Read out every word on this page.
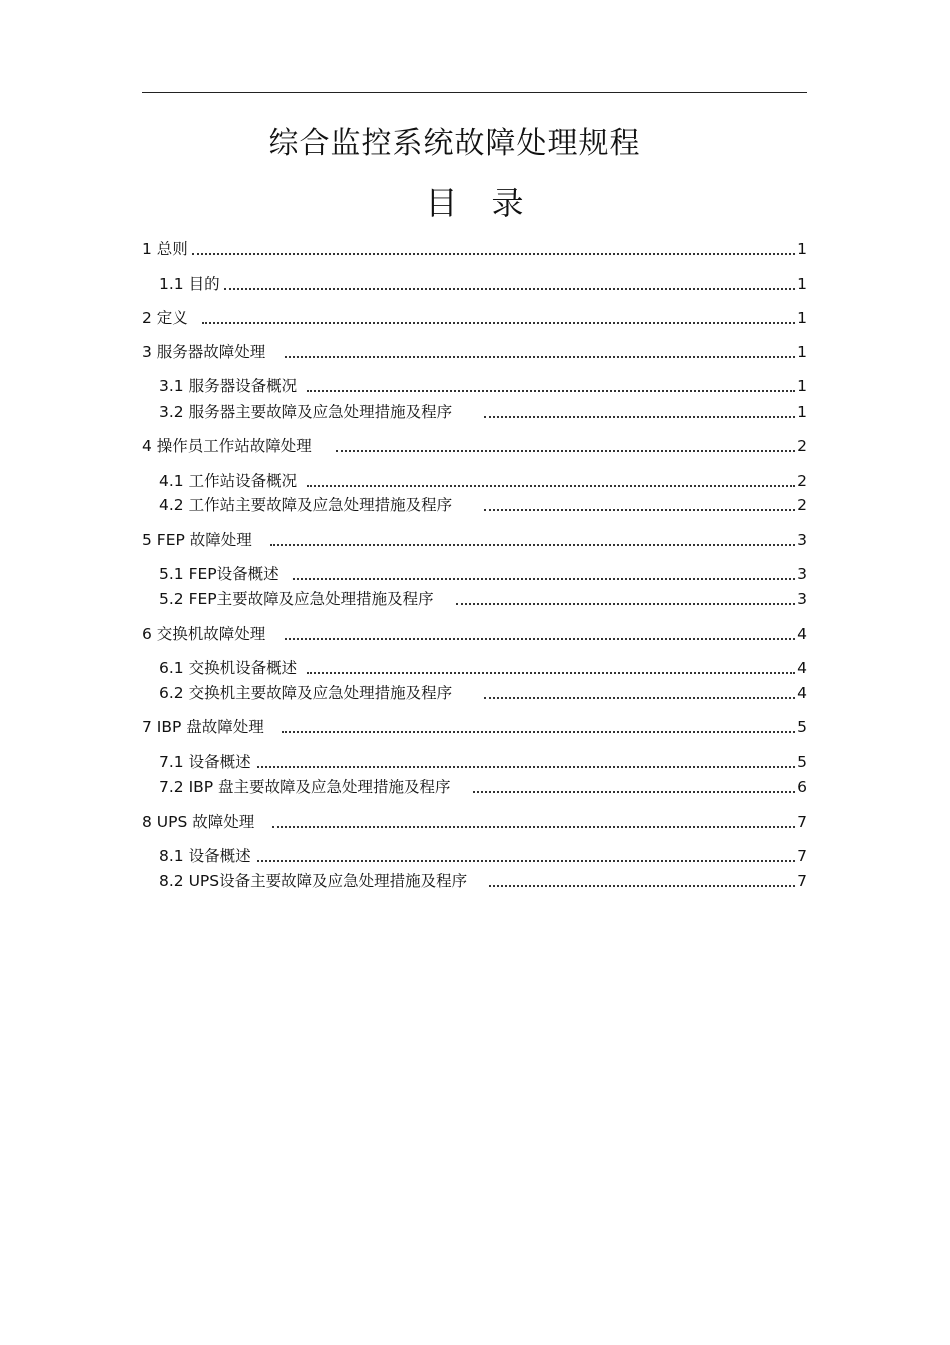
综合监控系统故障处理规程
目录
1 总则	1
1.1 目的	1
2 定义	1
3 服务器故障处理	1
3.1 服务器设备概况	1
3.2 服务器主要故障及应急处理措施及程序	1
4 操作员工作站故障处理	2
4.1 工作站设备概况	2
4.2 工作站主要故障及应急处理措施及程序	2
5 FEP 故障处理	3
5.1 FEP设备概述	3
5.2 FEP主要故障及应急处理措施及程序	3
6 交换机故障处理	4
6.1 交换机设备概述	4
6.2 交换机主要故障及应急处理措施及程序	4
7 IBP 盘故障处理	5
7.1 设备概述	5
7.2 IBP 盘主要故障及应急处理措施及程序	6
8 UPS 故障处理	7
8.1 设备概述	7
8.2 UPS设备主要故障及应急处理措施及程序	7
